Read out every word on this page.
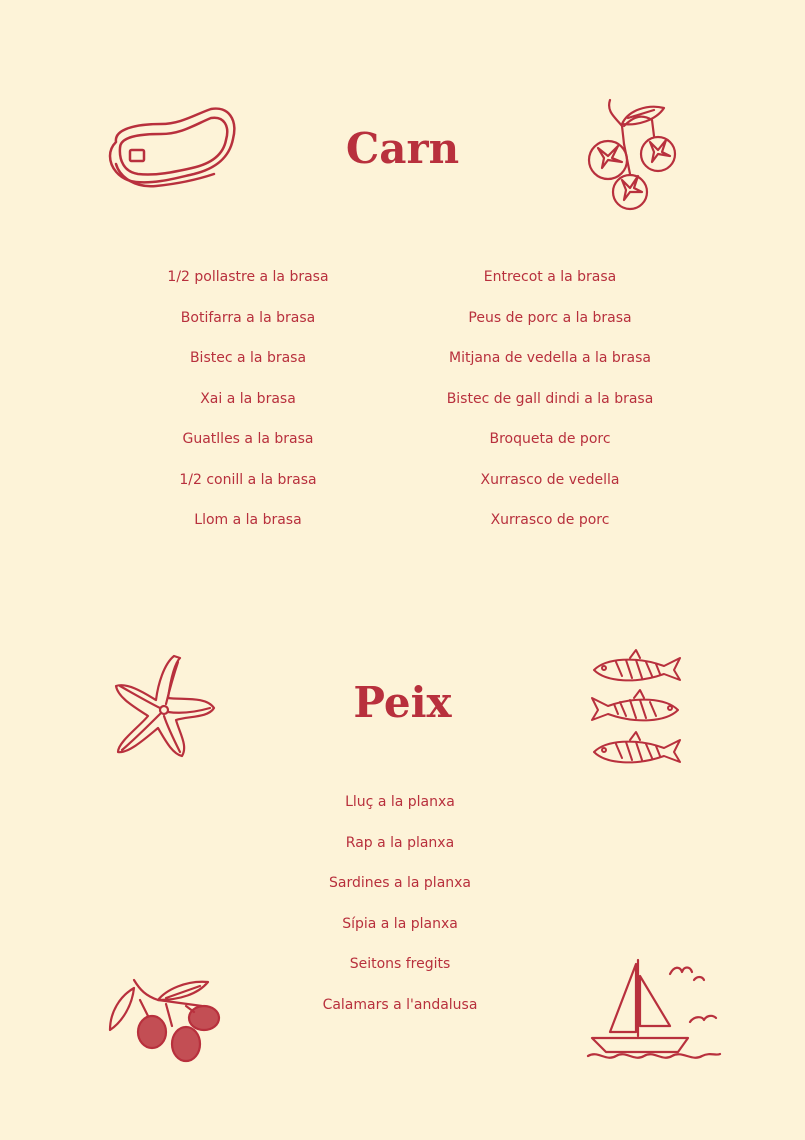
Carn
1/2 pollastre a la brasa
Botifarra a la brasa
Bistec a la brasa
Xai a la brasa
Guatlles a la brasa
1/2 conill a la brasa
Llom a la brasa
Entrecot a la brasa
Peus de porc a la brasa
Mitjana de vedella a la brasa
Bistec de gall dindi a la brasa
Broqueta de porc
Xurrasco de vedella
Xurrasco de porc
Peix
Lluç a la planxa
Rap a la planxa
Sardines a la planxa
Sípia a la planxa
Seitons fregits
Calamars a l'andalusa
